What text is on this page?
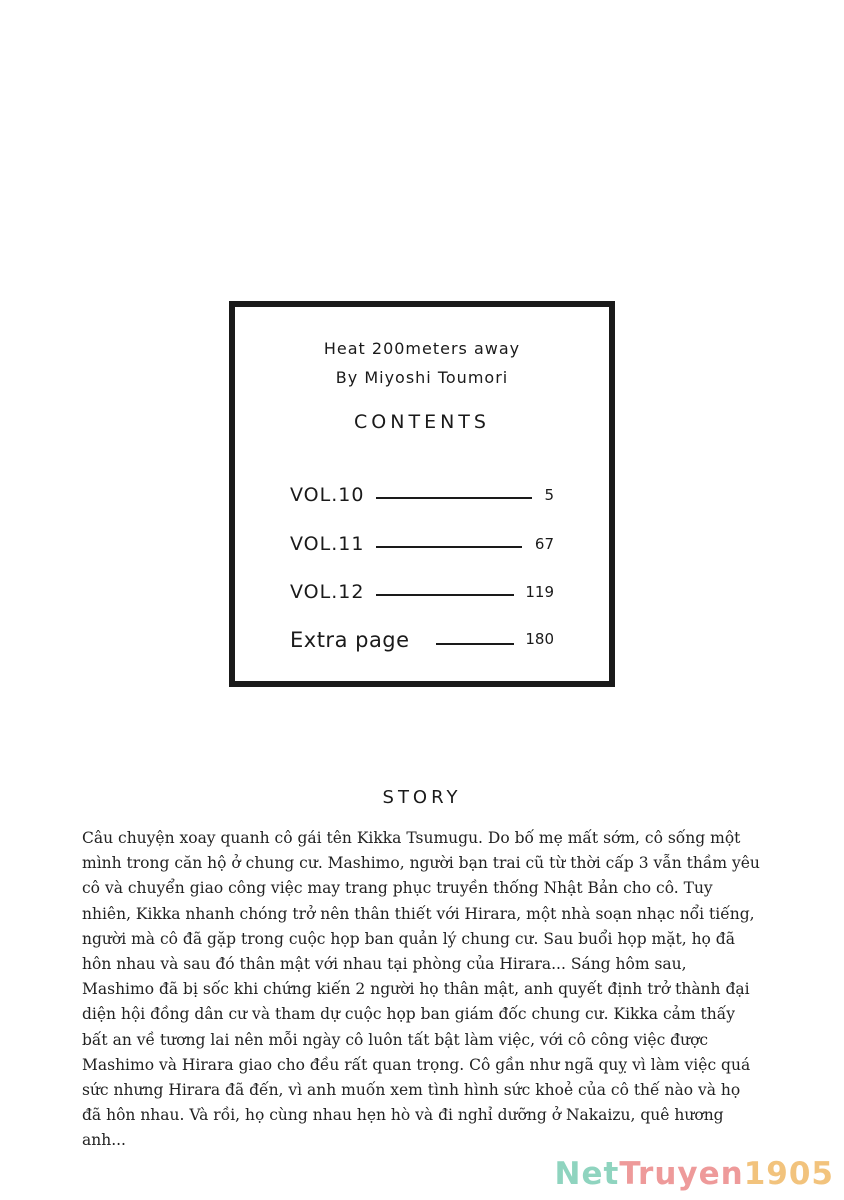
Heat 200meters away
By Miyoshi Toumori
CONTENTS
VOL.10	5
VOL.11	67
VOL.12	119
Extra page	180
STORY
Câu chuyện xoay quanh cô gái tên Kikka Tsumugu. Do bố mẹ mất sớm, cô sống một mình trong căn hộ ở chung cư. Mashimo, người bạn trai cũ từ thời cấp 3 vẫn thầm yêu cô và chuyển giao công việc may trang phục truyền thống Nhật Bản cho cô. Tuy nhiên, Kikka nhanh chóng trở nên thân thiết với Hirara, một nhà soạn nhạc nổi tiếng, người mà cô đã gặp trong cuộc họp ban quản lý chung cư. Sau buổi họp mặt, họ đã hôn nhau và sau đó thân mật với nhau tại phòng của Hirara... Sáng hôm sau, Mashimo đã bị sốc khi chứng kiến 2 người họ thân mật, anh quyết định trở thành đại diện hội đồng dân cư và tham dự cuộc họp ban giám đốc chung cư. Kikka cảm thấy bất an về tương lai nên mỗi ngày cô luôn tất bật làm việc, với cô công việc được Mashimo và Hirara giao cho đều rất quan trọng. Cô gần như ngã quỵ vì làm việc quá sức nhưng Hirara đã đến, vì anh muốn xem tình hình sức khoẻ của cô thế nào và họ đã hôn nhau. Và rồi, họ cùng nhau hẹn hò và đi nghỉ dưỡng ở Nakaizu, quê hương anh...
NetTruyen1905
